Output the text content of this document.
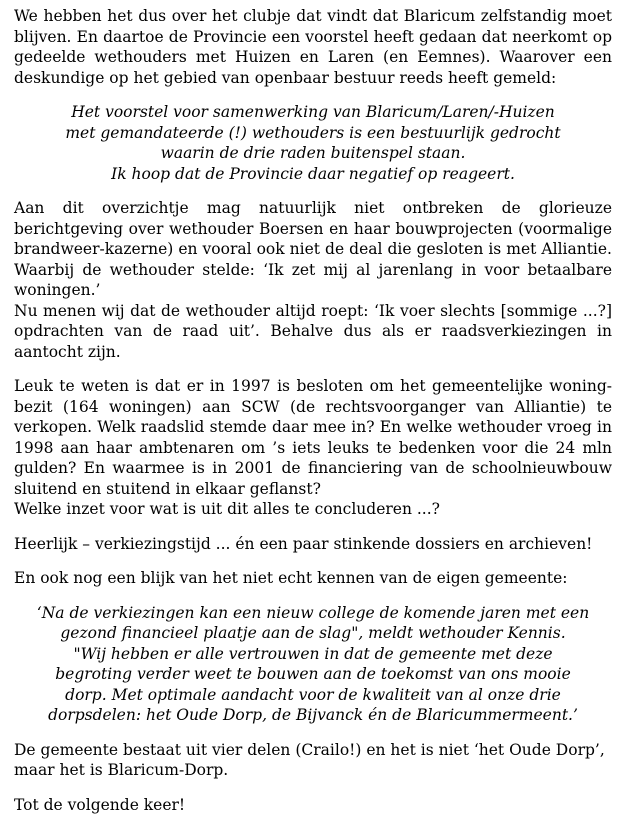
We hebben het dus over het clubje dat vindt dat Blaricum zelfstandig moet blijven. En daartoe de Provincie een voorstel heeft gedaan dat neerkomt op gedeelde wethouders met Huizen en Laren (en Eemnes). Waarover een deskundige op het gebied van openbaar bestuur reeds heeft gemeld:

Het voorstel voor samenwerking van Blaricum/Laren/-Huizen
met gemandateerde (!) wethouders is een bestuurlijk gedrocht
waarin de drie raden buitenspel staan.
Ik hoop dat de Provincie daar negatief op reageert.

Aan dit overzichtje mag natuurlijk niet ontbreken de glorieuze berichtgeving over wethouder Boersen en haar bouwprojecten (voormalige brandweer-kazerne) en vooral ook niet de deal die gesloten is met Alliantie. Waarbij de wethouder stelde: ‘Ik zet mij al jarenlang in voor betaalbare woningen.’

Nu menen wij dat de wethouder altijd roept: ‘Ik voer slechts [sommige ...?] opdrachten van de raad uit’. Behalve dus als er raadsverkiezingen in aantocht zijn.

Leuk te weten is dat er in 1997 is besloten om het gemeentelijke woning-bezit (164 woningen) aan SCW (de rechtsvoorganger van Alliantie) te verkopen. Welk raadslid stemde daar mee in? En welke wethouder vroeg in 1998 aan haar ambtenaren om ’s iets leuks te bedenken voor die 24 mln gulden? En waarmee is in 2001 de financiering van de schoolnieuwbouw sluitend en stuitend in elkaar geflanst?

Welke inzet voor wat is uit dit alles te concluderen ...?

Heerlijk – verkiezingstijd ... én een paar stinkende dossiers en archieven!

En ook nog een blijk van het niet echt kennen van de eigen gemeente:

‘Na de verkiezingen kan een nieuw college de komende jaren met een
gezond financieel plaatje aan de slag", meldt wethouder Kennis.
"Wij hebben er alle vertrouwen in dat de gemeente met deze
begroting verder weet te bouwen aan de toekomst van ons mooie
dorp. Met optimale aandacht voor de kwaliteit van al onze drie
dorpsdelen: het Oude Dorp, de Bijvanck én de Blaricummermeent.’

De gemeente bestaat uit vier delen (Crailo!) en het is niet ‘het Oude Dorp’, maar het is Blaricum-Dorp.

Tot de volgende keer!
